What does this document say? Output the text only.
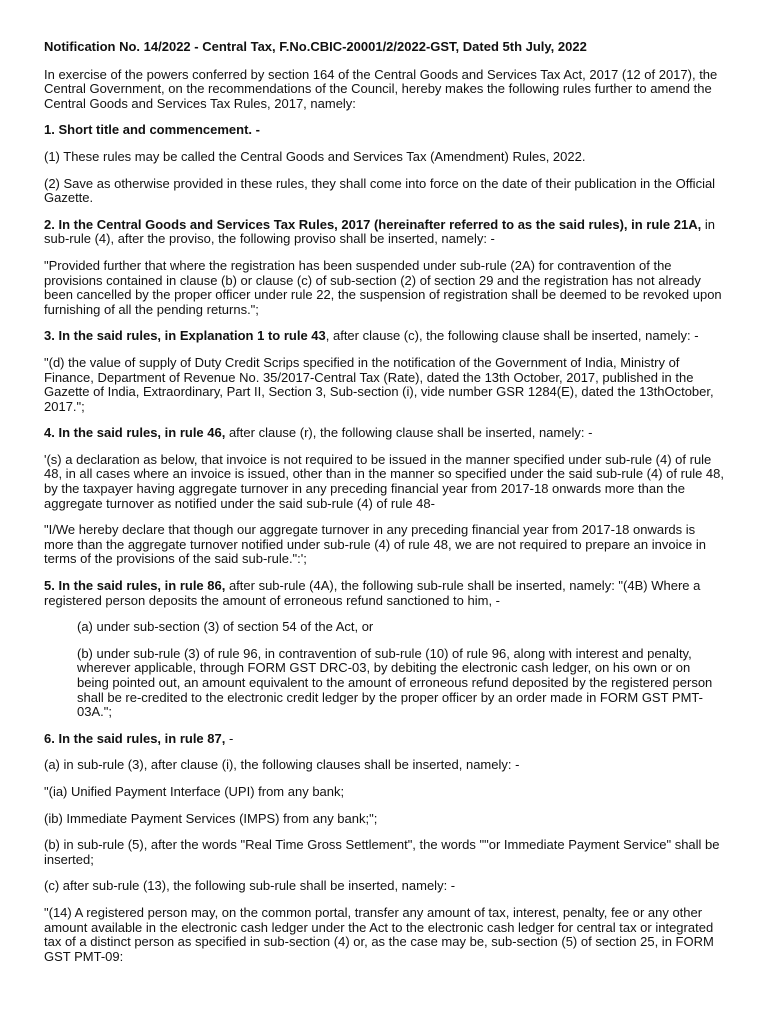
Notification No. 14/2022 - Central Tax, F.No.CBIC-20001/2/2022-GST, Dated 5th July, 2022

In exercise of the powers conferred by section 164 of the Central Goods and Services Tax Act, 2017 (12 of 2017), the Central Government, on the recommendations of the Council, hereby makes the following rules further to amend the Central Goods and Services Tax Rules, 2017, namely:

1. Short title and commencement. -

(1) These rules may be called the Central Goods and Services Tax (Amendment) Rules, 2022.

(2) Save as otherwise provided in these rules, they shall come into force on the date of their publication in the Official Gazette.

2. In the Central Goods and Services Tax Rules, 2017 (hereinafter referred to as the said rules), in rule 21A, in sub-rule (4), after the proviso, the following proviso shall be inserted, namely: -

"Provided further that where the registration has been suspended under sub-rule (2A) for contravention of the provisions contained in clause (b) or clause (c) of sub-section (2) of section 29 and the registration has not already been cancelled by the proper officer under rule 22, the suspension of registration shall be deemed to be revoked upon furnishing of all the pending returns.";

3. In the said rules, in Explanation 1 to rule 43, after clause (c), the following clause shall be inserted, namely: -

"(d) the value of supply of Duty Credit Scrips specified in the notification of the Government of India, Ministry of Finance, Department of Revenue No. 35/2017-Central Tax (Rate), dated the 13th October, 2017, published in the Gazette of India, Extraordinary, Part II, Section 3, Sub-section (i), vide number GSR 1284(E), dated the 13thOctober, 2017.";

4. In the said rules, in rule 46, after clause (r), the following clause shall be inserted, namely: -

'(s) a declaration as below, that invoice is not required to be issued in the manner specified under sub-rule (4) of rule 48, in all cases where an invoice is issued, other than in the manner so specified under the said sub-rule (4) of rule 48, by the taxpayer having aggregate turnover in any preceding financial year from 2017-18 onwards more than the aggregate turnover as notified under the said sub-rule (4) of rule 48-

"I/We hereby declare that though our aggregate turnover in any preceding financial year from 2017-18 onwards is more than the aggregate turnover notified under sub-rule (4) of rule 48, we are not required to prepare an invoice in terms of the provisions of the said sub-rule.":';

5. In the said rules, in rule 86, after sub-rule (4A), the following sub-rule shall be inserted, namely: "(4B) Where a registered person deposits the amount of erroneous refund sanctioned to him, -

(a) under sub-section (3) of section 54 of the Act, or

(b) under sub-rule (3) of rule 96, in contravention of sub-rule (10) of rule 96, along with interest and penalty, wherever applicable, through FORM GST DRC-03, by debiting the electronic cash ledger, on his own or on being pointed out, an amount equivalent to the amount of erroneous refund deposited by the registered person shall be re-credited to the electronic credit ledger by the proper officer by an order made in FORM GST PMT-03A.";

6. In the said rules, in rule 87, -

(a) in sub-rule (3), after clause (i), the following clauses shall be inserted, namely: -

"(ia) Unified Payment Interface (UPI) from any bank;

(ib) Immediate Payment Services (IMPS) from any bank;";

(b) in sub-rule (5), after the words "Real Time Gross Settlement", the words ""or Immediate Payment Service" shall be inserted;

(c) after sub-rule (13), the following sub-rule shall be inserted, namely: -

"(14) A registered person may, on the common portal, transfer any amount of tax, interest, penalty, fee or any other amount available in the electronic cash ledger under the Act to the electronic cash ledger for central tax or integrated tax of a distinct person as specified in sub-section (4) or, as the case may be, sub-section (5) of section 25, in FORM GST PMT-09:
